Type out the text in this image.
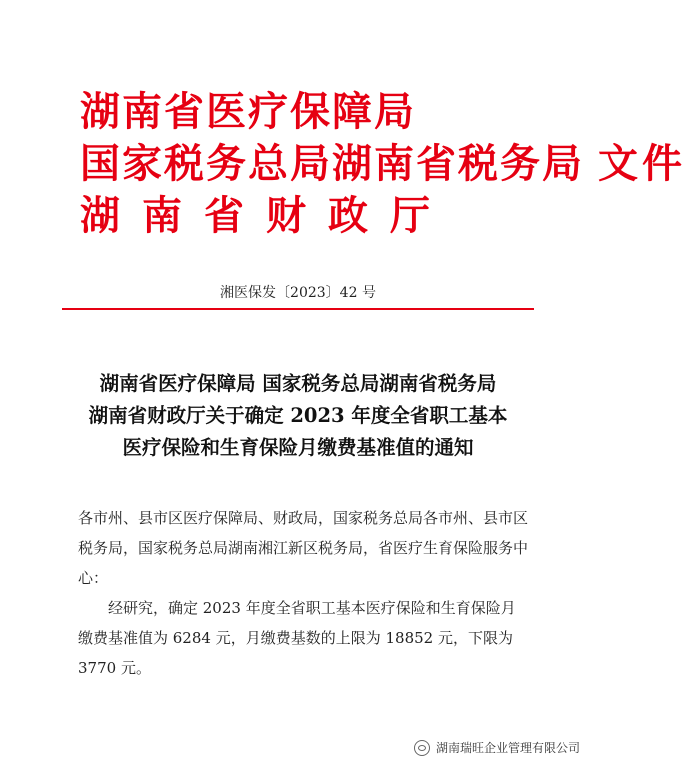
湖南省医疗保障局
国家税务总局湖南省税务局 文件
湖南省财政厅
湘医保发〔2023〕42 号
湖南省医疗保障局 国家税务总局湖南省税务局
湖南省财政厅关于确定 2023 年度全省职工基本
医疗保险和生育保险月缴费基准值的通知

各市州、县市区医疗保障局、财政局，国家税务总局各市州、县市区税务局，国家税务总局湖南湘江新区税务局，省医疗生育保险服务中心：

经研究，确定 2023 年度全省职工基本医疗保险和生育保险月缴费基准值为 6284 元，月缴费基数的上限为 18852 元，下限为 3770 元。

湖南瑞旺企业管理有限公司
